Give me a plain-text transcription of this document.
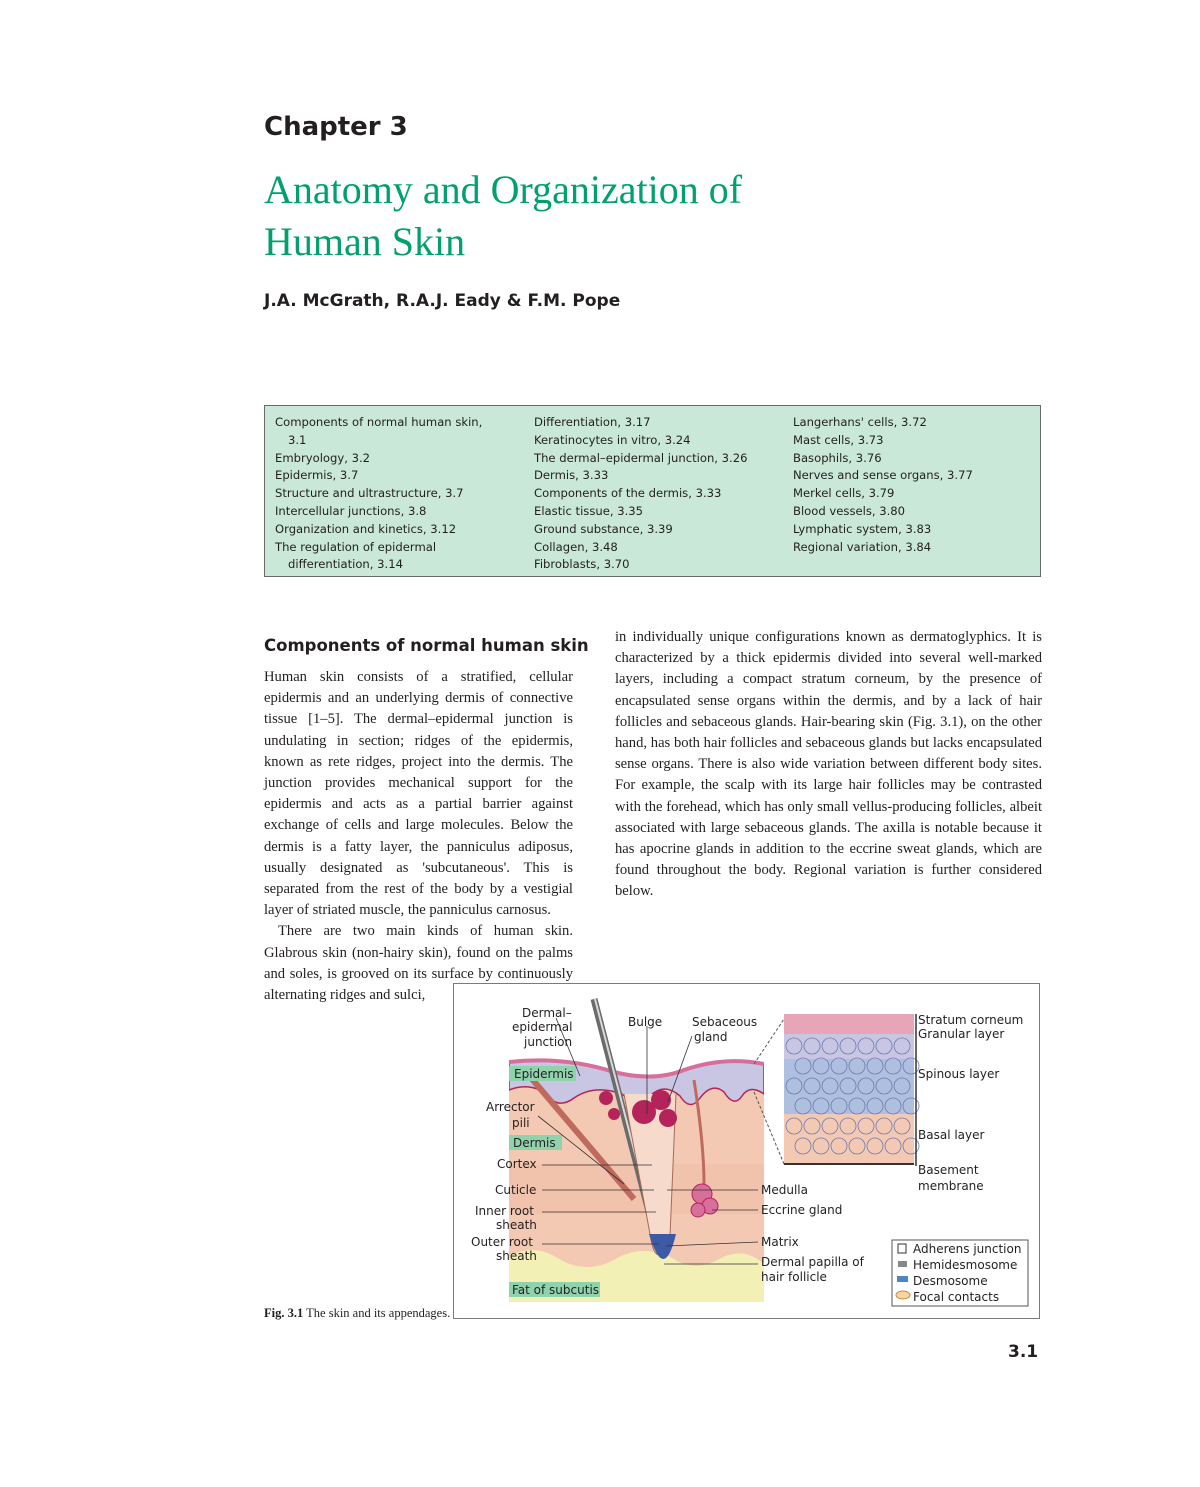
Chapter 3
Anatomy and Organization of
Human Skin
J.A. McGrath, R.A.J. Eady & F.M. Pope
Components of normal human skin,
3.1
Embryology, 3.2
Epidermis, 3.7
Structure and ultrastructure, 3.7
Intercellular junctions, 3.8
Organization and kinetics, 3.12
The regulation of epidermal
differentiation, 3.14
Differentiation, 3.17
Keratinocytes in vitro, 3.24
The dermal–epidermal junction, 3.26
Dermis, 3.33
Components of the dermis, 3.33
Elastic tissue, 3.35
Ground substance, 3.39
Collagen, 3.48
Fibroblasts, 3.70
Langerhans' cells, 3.72
Mast cells, 3.73
Basophils, 3.76
Nerves and sense organs, 3.77
Merkel cells, 3.79
Blood vessels, 3.80
Lymphatic system, 3.83
Regional variation, 3.84
Components of normal human skin

Human skin consists of a stratified, cellular epidermis and an underlying dermis of connective tissue [1–5]. The dermal–epidermal junction is undulating in section; ridges of the epidermis, known as rete ridges, project into the dermis. The junction provides mechanical support for the epidermis and acts as a partial barrier against exchange of cells and large molecules. Below the dermis is a fatty layer, the panniculus adiposus, usually designated as 'subcutaneous'. This is separated from the rest of the body by a vestigial layer of striated muscle, the panniculus carnosus.

There are two main kinds of human skin. Glabrous skin (non-hairy skin), found on the palms and soles, is grooved on its surface by continuously alternating ridges and sulci,

in individually unique configurations known as dermatoglyphics. It is characterized by a thick epidermis divided into several well-marked layers, including a compact stratum corneum, by the presence of encapsulated sense organs within the dermis, and by a lack of hair follicles and sebaceous glands. Hair-bearing skin (Fig. 3.1), on the other hand, has both hair follicles and sebaceous glands but lacks encapsulated sense organs. There is also wide variation between different body sites. For example, the scalp with its large hair follicles may be contrasted with the forehead, which has only small vellus-producing follicles, albeit associated with large sebaceous glands. The axilla is notable because it has apocrine glands in addition to the eccrine sweat glands, which are found throughout the body. Regional variation is further considered below.

Dermal–
epidermal
junction
Bulge Sebaceous
gland
Epidermis
Arrector
pili
Dermis
Cortex
Cuticle
Inner root
sheath
Outer root
sheath
Fat of subcutis
Medulla
Eccrine gland
Matrix
Dermal papilla of
hair follicle
Stratum corneum
Granular layer
Spinous layer
Basal layer
Basement
membrane
Adherens junction
Hemidesmosome
Desmosome
Focal contacts
Fig. 3.1 The skin and its appendages.
3.1
